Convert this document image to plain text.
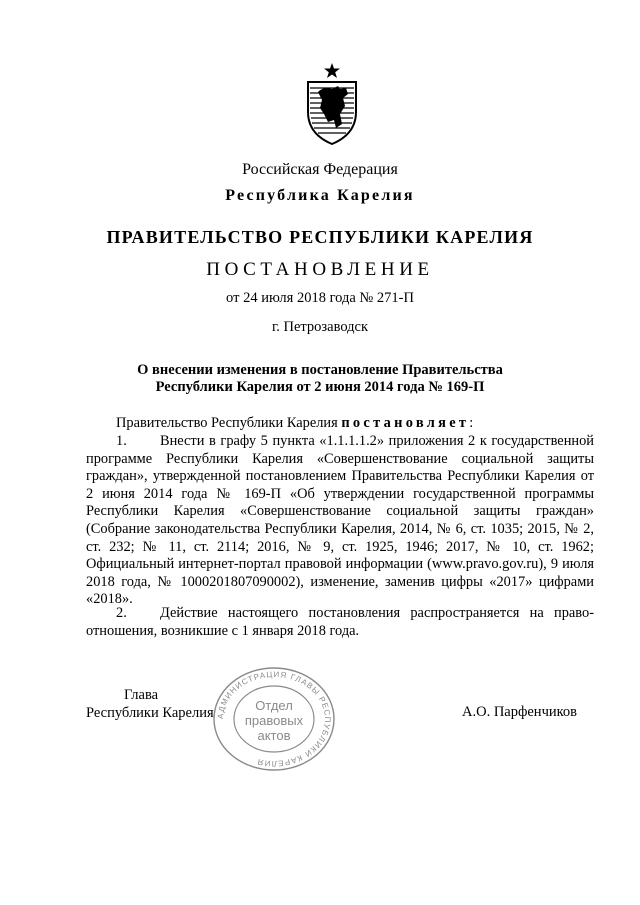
Российская Федерация
Республика Карелия
ПРАВИТЕЛЬСТВО РЕСПУБЛИКИ КАРЕЛИЯ
ПОСТАНОВЛЕНИЕ
от 24 июля 2018 года № 271-П
г. Петрозаводск
О внесении изменения в постановление Правительства
Республики Карелия от 2 июня 2014 года № 169-П
Правительство Республики Карелия постановляет:

1. Внести в графу 5 пункта «1.1.1.1.2» приложения 2 к государственной программе Республики Карелия «Совершенствование социальной защиты граждан», утвержденной постановлением Правительства Республики Карелия от 2 июня 2014 года № 169-П «Об утверждении государственной программы Республики Карелия «Совершенствование социальной защиты граждан» (Собрание законодательства Республики Карелия, 2014, № 6, ст. 1035; 2015, № 2, ст. 232; № 11, ст. 2114; 2016, № 9, ст. 1925, 1946; 2017, № 10, ст. 1962; Официальный интернет-портал правовой информации (www.pravo.gov.ru), 9 июля 2018 года, № 1000201807090002), изменение, заменив цифры «2017» цифрами «2018».

2. Действие настоящего постановления распространяется на право-отношения, возникшие с 1 января 2018 года.

Глава
Республики Карелия АДМИНИСТРАЦИЯ ГЛАВЫ РЕСПУБЛИКИ КАРЕЛИЯ
Отдел
правовых
актов
А.О. Парфенчиков
